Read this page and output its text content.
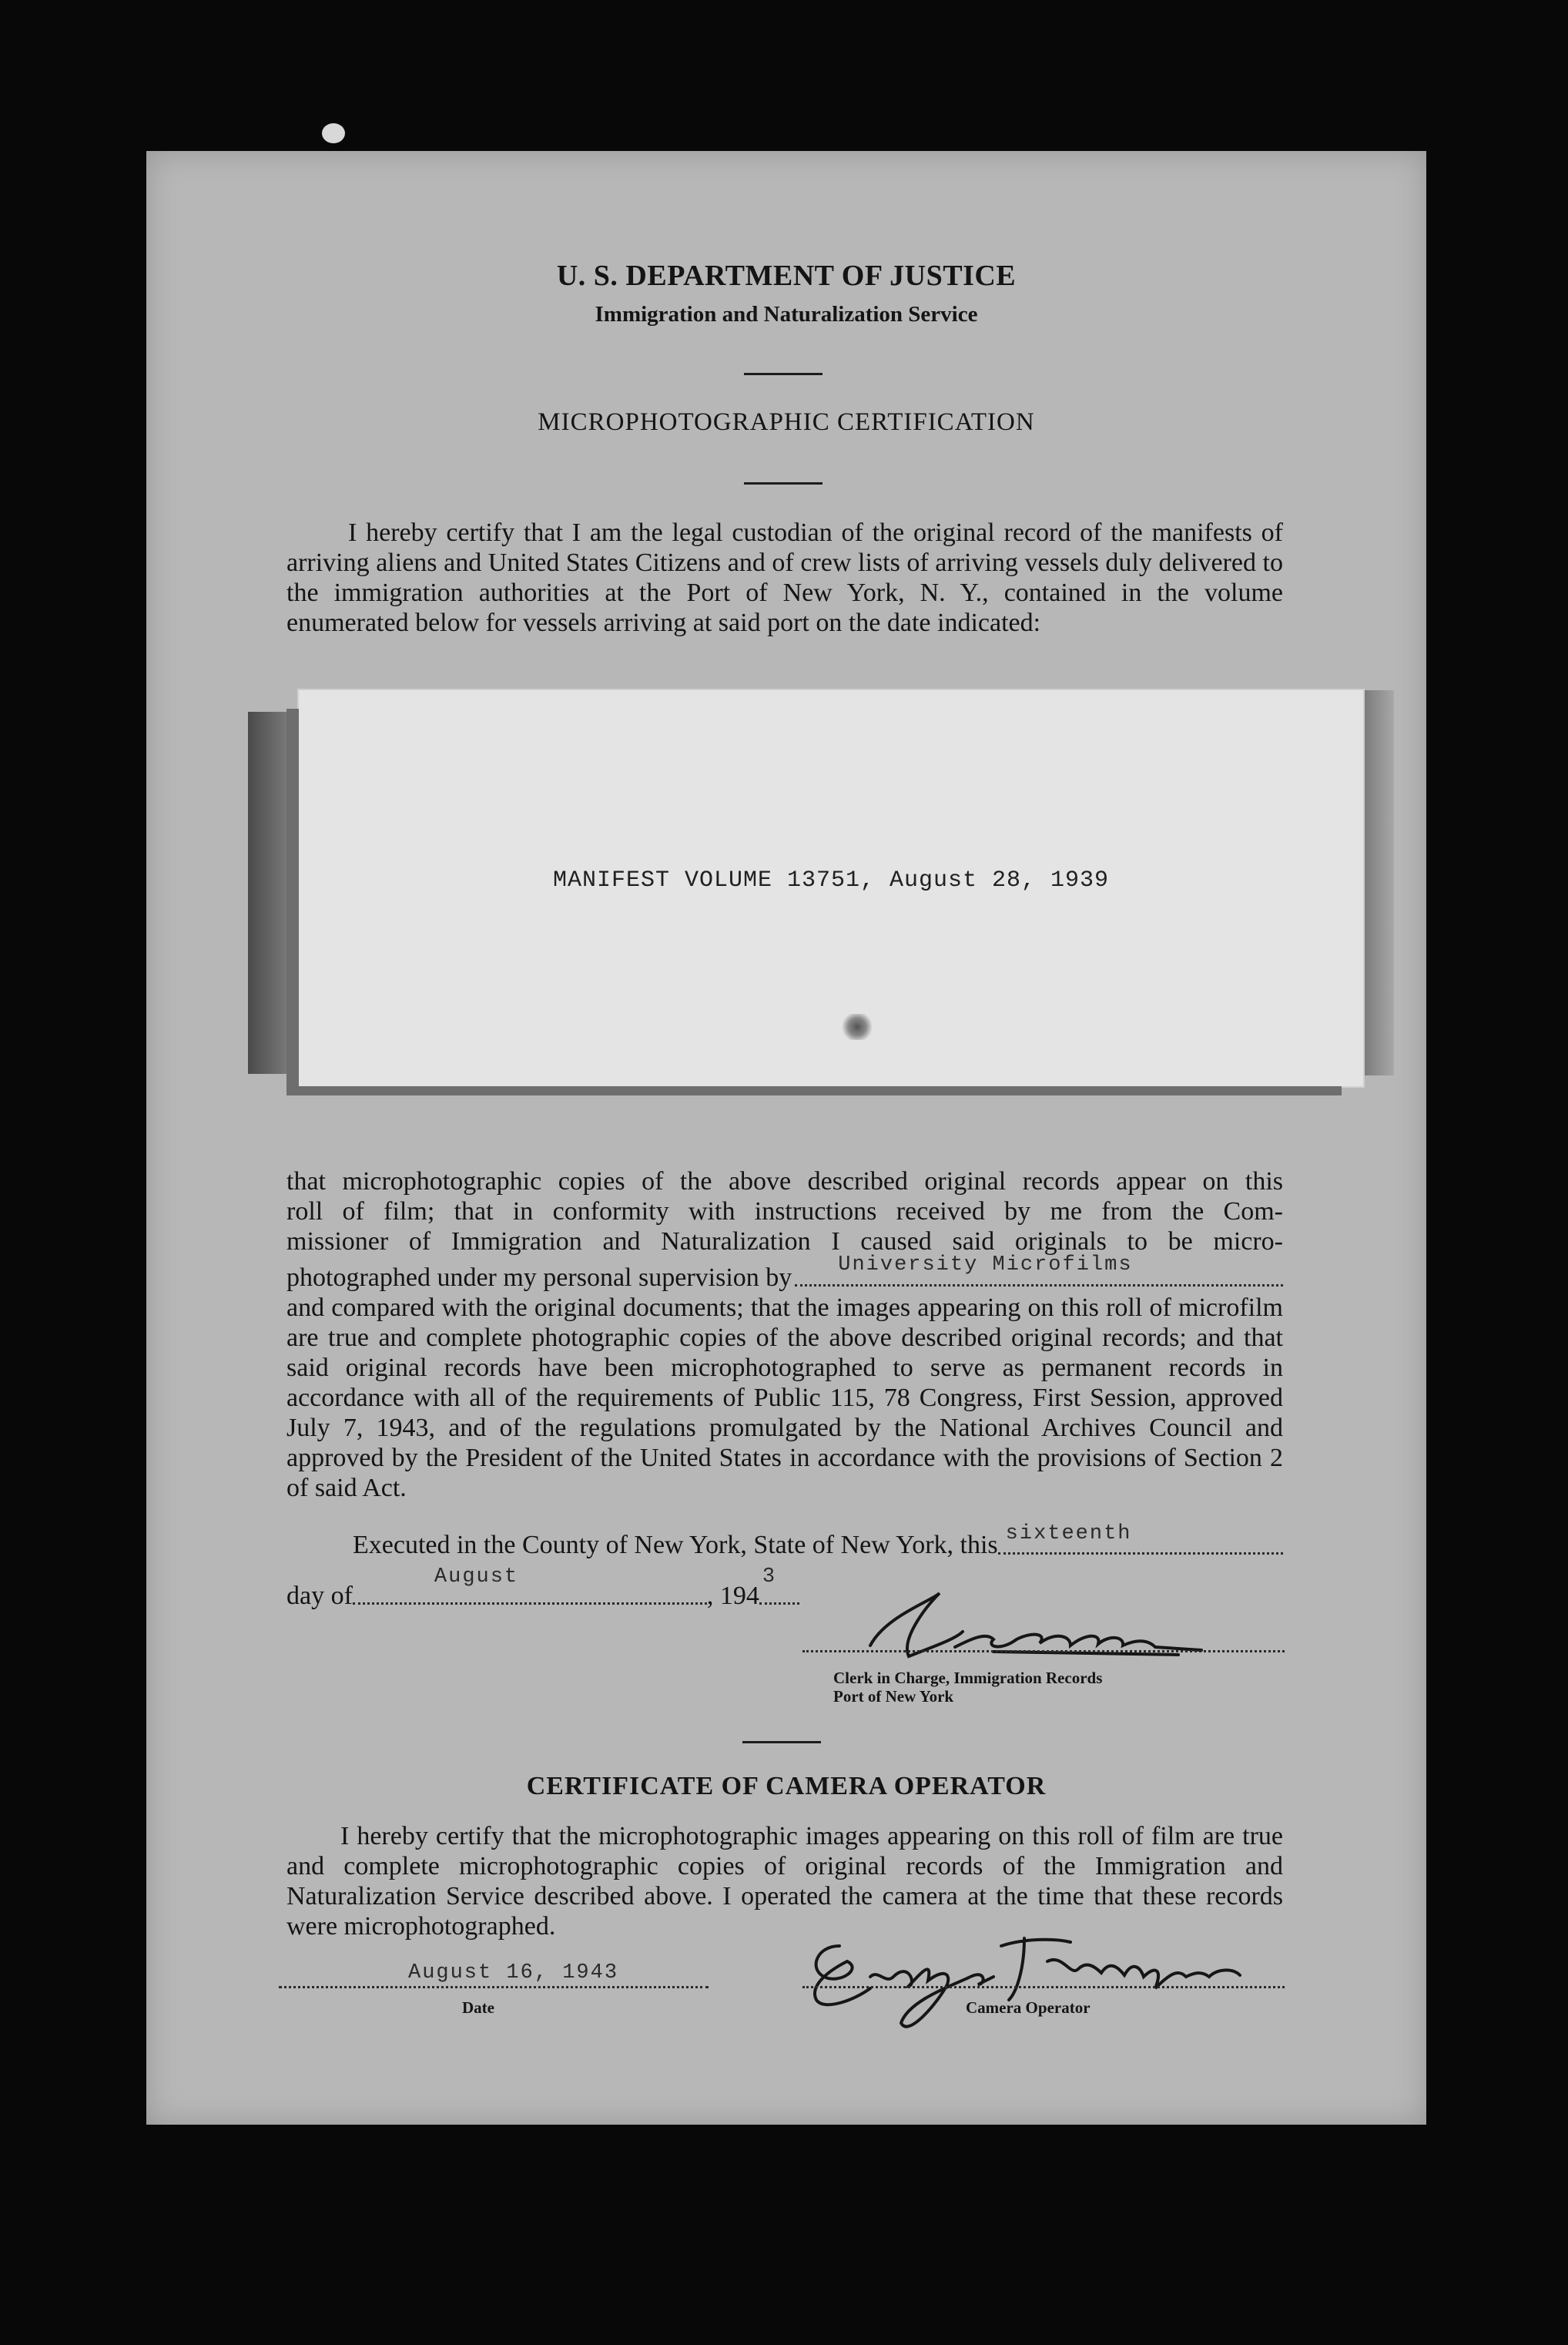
U. S. DEPARTMENT OF JUSTICE
Immigration and Naturalization Service
MICROPHOTOGRAPHIC CERTIFICATION
I hereby certify that I am the legal custodian of the original record of the manifests of arriving aliens and United States Citizens and of crew lists of arriving vessels duly delivered to the immigration authorities at the Port of New York, N. Y., contained in the volume enumerated below for vessels arriving at said port on the date indicated:
MANIFEST VOLUME 13751, August 28, 1939
that microphotographic copies of the above described original records appear on this
roll of film; that in conformity with instructions received by me from the Com-
missioner of Immigration and Naturalization I caused said originals to be micro-
photographed under my personal supervision by University Microfilms
and compared with the original documents; that the images appearing on this roll of microfilm are true and complete photographic copies of the above described original records; and that said original records have been microphotographed to serve as permanent records in accordance with all of the requirements of Public 115, 78 Congress, First Session, approved July 7, 1943, and of the regulations promulgated by the National Archives Council and approved by the President of the United States in accordance with the provisions of Section 2 of said Act.
Executed in the County of New York, State of New York, this sixteenth
day of
August
, 194
3
Clerk in Charge, Immigration Records
Port of New York
CERTIFICATE OF CAMERA OPERATOR
I hereby certify that the microphotographic images appearing on this roll of film are true and complete microphotographic copies of original records of the Immigration and Naturalization Service described above. I operated the camera at the time that these records were microphotographed.
August 16, 1943
Date	Camera Operator
